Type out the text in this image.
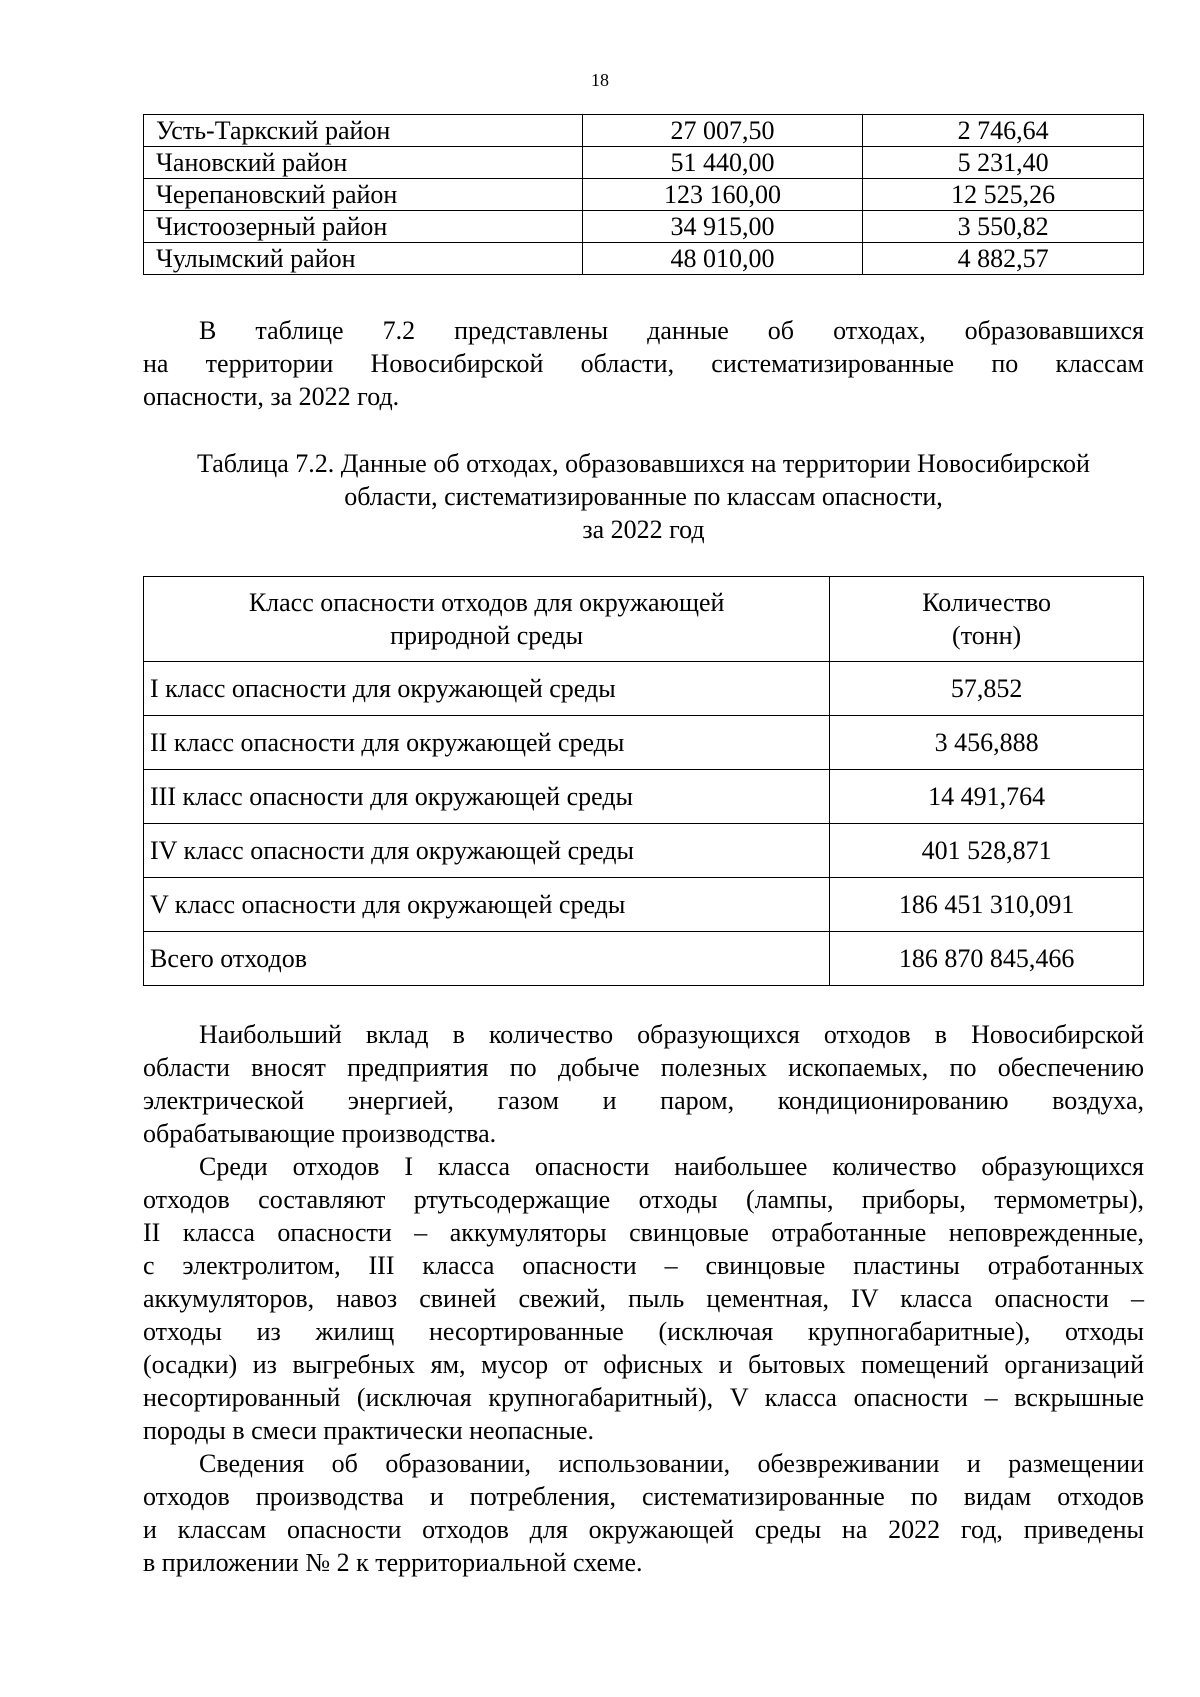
18
Усть-Таркский район	27 007,50	2 746,64
Чановский район	51 440,00	5 231,40
Черепановский район	123 160,00	12 525,26
Чистоозерный район	34 915,00	3 550,82
Чулымский район	48 010,00	4 882,57
В таблице 7.2 представлены данные об отходах, образовавшихся
на территории Новосибирской области, систематизированные по классам
опасности, за 2022 год.
Таблица 7.2. Данные об отходах, образовавшихся на территории Новосибирской
области, систематизированные по классам опасности,
за 2022 год
Класс опасности отходов для окружающей
природной среды	Количество
(тонн)
I класс опасности для окружающей среды	57,852
II класс опасности для окружающей среды	3 456,888
III класс опасности для окружающей среды	14 491,764
IV класс опасности для окружающей среды	401 528,871
V класс опасности для окружающей среды	186 451 310,091
Всего отходов	186 870 845,466
Наибольший вклад в количество образующихся отходов в Новосибирской
области вносят предприятия по добыче полезных ископаемых, по обеспечению
электрической энергией, газом и паром, кондиционированию воздуха,
обрабатывающие производства.
Среди отходов I класса опасности наибольшее количество образующихся
отходов составляют ртутьсодержащие отходы (лампы, приборы, термометры),
II класса опасности – аккумуляторы свинцовые отработанные неповрежденные,
с электролитом, III класса опасности – свинцовые пластины отработанных
аккумуляторов, навоз свиней свежий, пыль цементная, IV класса опасности –
отходы из жилищ несортированные (исключая крупногабаритные), отходы
(осадки) из выгребных ям, мусор от офисных и бытовых помещений организаций
несортированный (исключая крупногабаритный), V класса опасности – вскрышные
породы в смеси практически неопасные.
Сведения об образовании, использовании, обезвреживании и размещении
отходов производства и потребления, систематизированные по видам отходов
и классам опасности отходов для окружающей среды на 2022 год, приведены
в приложении № 2 к территориальной схеме.
